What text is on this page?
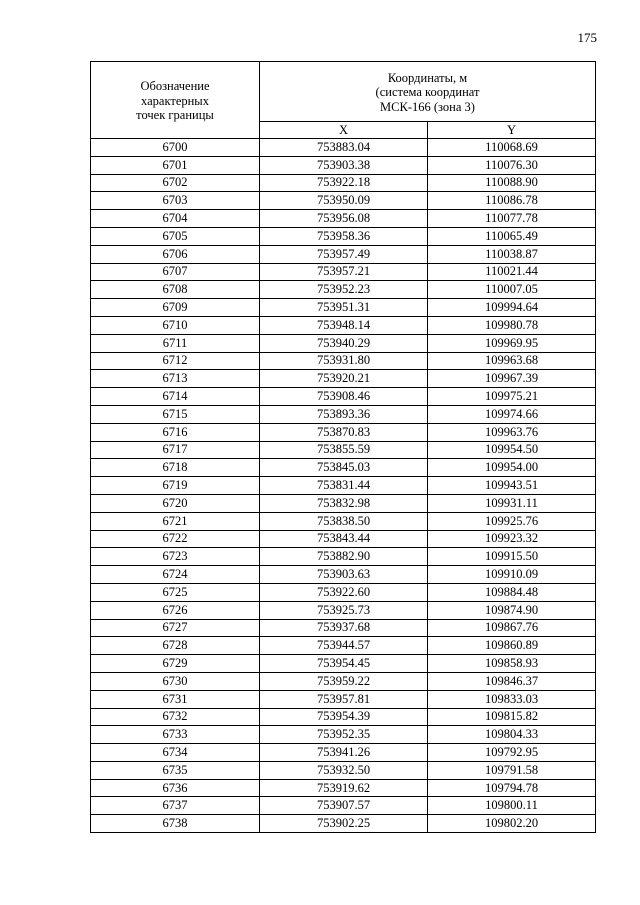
175
Обозначение
характерных
точек границы	Координаты, м
(система координат
МСК-166 (зона 3)	

	X	Y
6700	753883.04	110068.69
6701	753903.38	110076.30
6702	753922.18	110088.90
6703	753950.09	110086.78
6704	753956.08	110077.78
6705	753958.36	110065.49
6706	753957.49	110038.87
6707	753957.21	110021.44
6708	753952.23	110007.05
6709	753951.31	109994.64
6710	753948.14	109980.78
6711	753940.29	109969.95
6712	753931.80	109963.68
6713	753920.21	109967.39
6714	753908.46	109975.21
6715	753893.36	109974.66
6716	753870.83	109963.76
6717	753855.59	109954.50
6718	753845.03	109954.00
6719	753831.44	109943.51
6720	753832.98	109931.11
6721	753838.50	109925.76
6722	753843.44	109923.32
6723	753882.90	109915.50
6724	753903.63	109910.09
6725	753922.60	109884.48
6726	753925.73	109874.90
6727	753937.68	109867.76
6728	753944.57	109860.89
6729	753954.45	109858.93
6730	753959.22	109846.37
6731	753957.81	109833.03
6732	753954.39	109815.82
6733	753952.35	109804.33
6734	753941.26	109792.95
6735	753932.50	109791.58
6736	753919.62	109794.78
6737	753907.57	109800.11
6738	753902.25	109802.20
